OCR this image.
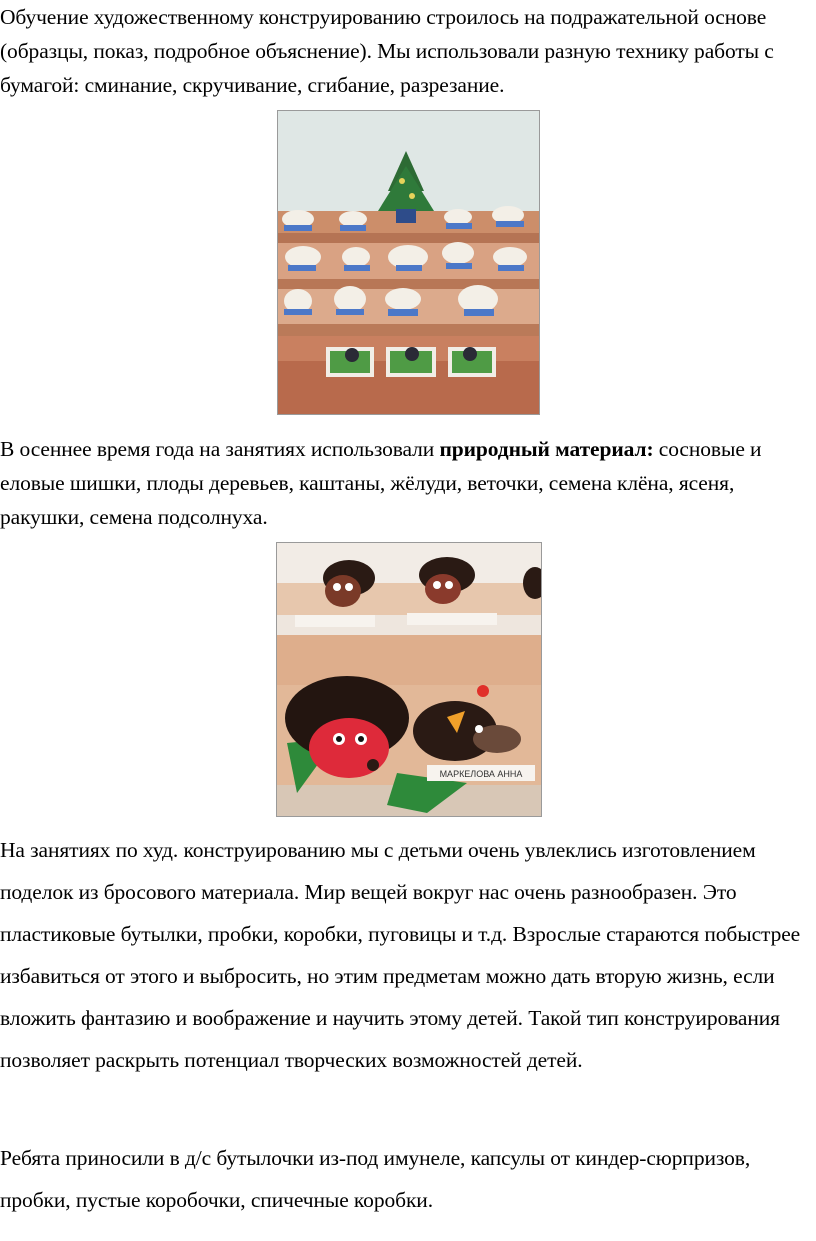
Обучение художественному конструированию строилось на подражательной основе (образцы, показ, подробное объяснение). Мы использовали разную технику работы с бумагой: сминание, скручивание, сгибание, разрезание.

В осеннее время года на занятиях использовали природный материал: сосновые и еловые шишки, плоды деревьев, каштаны, жёлуди, веточки, семена клёна, ясеня, ракушки, семена подсолнуха.

МАРКЕЛОВА АННА

На занятиях по худ. конструированию мы с детьми очень увлеклись изготовлением поделок из бросового материала. Мир вещей вокруг нас очень разнообразен. Это пластиковые бутылки, пробки, коробки, пуговицы и т.д. Взрослые стараются побыстрее избавиться от этого и выбросить, но этим предметам можно дать вторую жизнь, если вложить фантазию и воображение и научить этому детей. Такой тип конструирования позволяет раскрыть потенциал творческих возможностей детей.

Ребята приносили в д/с бутылочки из-под имунеле, капсулы от киндер-сюрпризов, пробки, пустые коробочки, спичечные коробки.
